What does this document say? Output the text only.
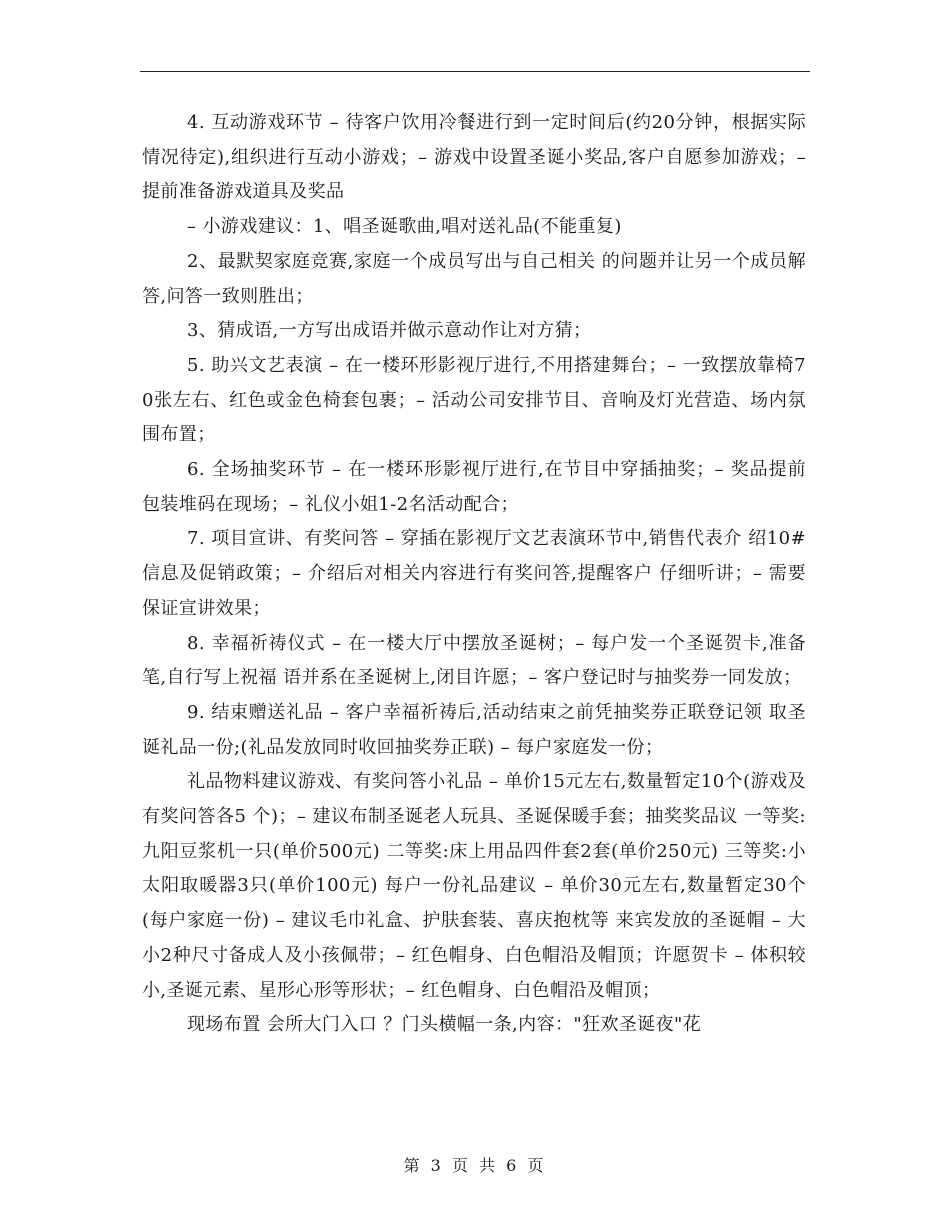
4. 互动游戏环节 – 待客户饮用冷餐进行到一定时间后(约20分钟，根据实际情况待定),组织进行互动小游戏；– 游戏中设置圣诞小奖品,客户自愿参加游戏；– 提前准备游戏道具及奖品

– 小游戏建议：1、唱圣诞歌曲,唱对送礼品(不能重复)

2、最默契家庭竞赛,家庭一个成员写出与自己相关 的问题并让另一个成员解答,问答一致则胜出；

3、猜成语,一方写出成语并做示意动作让对方猜；

5. 助兴文艺表演 – 在一楼环形影视厅进行,不用搭建舞台；– 一致摆放靠椅70张左右、红色或金色椅套包裹；– 活动公司安排节目、音响及灯光营造、场内氛 围布置；

6. 全场抽奖环节 – 在一楼环形影视厅进行,在节目中穿插抽奖；– 奖品提前包装堆码在现场；– 礼仪小姐1-2名活动配合；

7. 项目宣讲、有奖问答 – 穿插在影视厅文艺表演环节中,销售代表介 绍10#信息及促销政策；– 介绍后对相关内容进行有奖问答,提醒客户 仔细听讲；– 需要保证宣讲效果；

8. 幸福祈祷仪式 – 在一楼大厅中摆放圣诞树；– 每户发一个圣诞贺卡,准备笔,自行写上祝福 语并系在圣诞树上,闭目许愿；– 客户登记时与抽奖券一同发放；

9. 结束赠送礼品 – 客户幸福祈祷后,活动结束之前凭抽奖券正联登记领 取圣诞礼品一份;(礼品发放同时收回抽奖券正联) – 每户家庭发一份；

礼品物料建议游戏、有奖问答小礼品 – 单价15元左右,数量暂定10个(游戏及有奖问答各5 个)；– 建议布制圣诞老人玩具、圣诞保暖手套；抽奖奖品议 一等奖:九阳豆浆机一只(单价500元) 二等奖:床上用品四件套2套(单价250元) 三等奖:小太阳取暖器3只(单价100元) 每户一份礼品建议 – 单价30元左右,数量暂定30个(每户家庭一份) – 建议毛巾礼盒、护肤套装、喜庆抱枕等 来宾发放的圣诞帽 – 大小2种尺寸备成人及小孩佩带；– 红色帽身、白色帽沿及帽顶；许愿贺卡 – 体积较小,圣诞元素、星形心形等形状；– 红色帽身、白色帽沿及帽顶；

现场布置 会所大门入口 ？门头横幅一条,内容："狂欢圣诞夜"花

第 3 页 共 6 页
